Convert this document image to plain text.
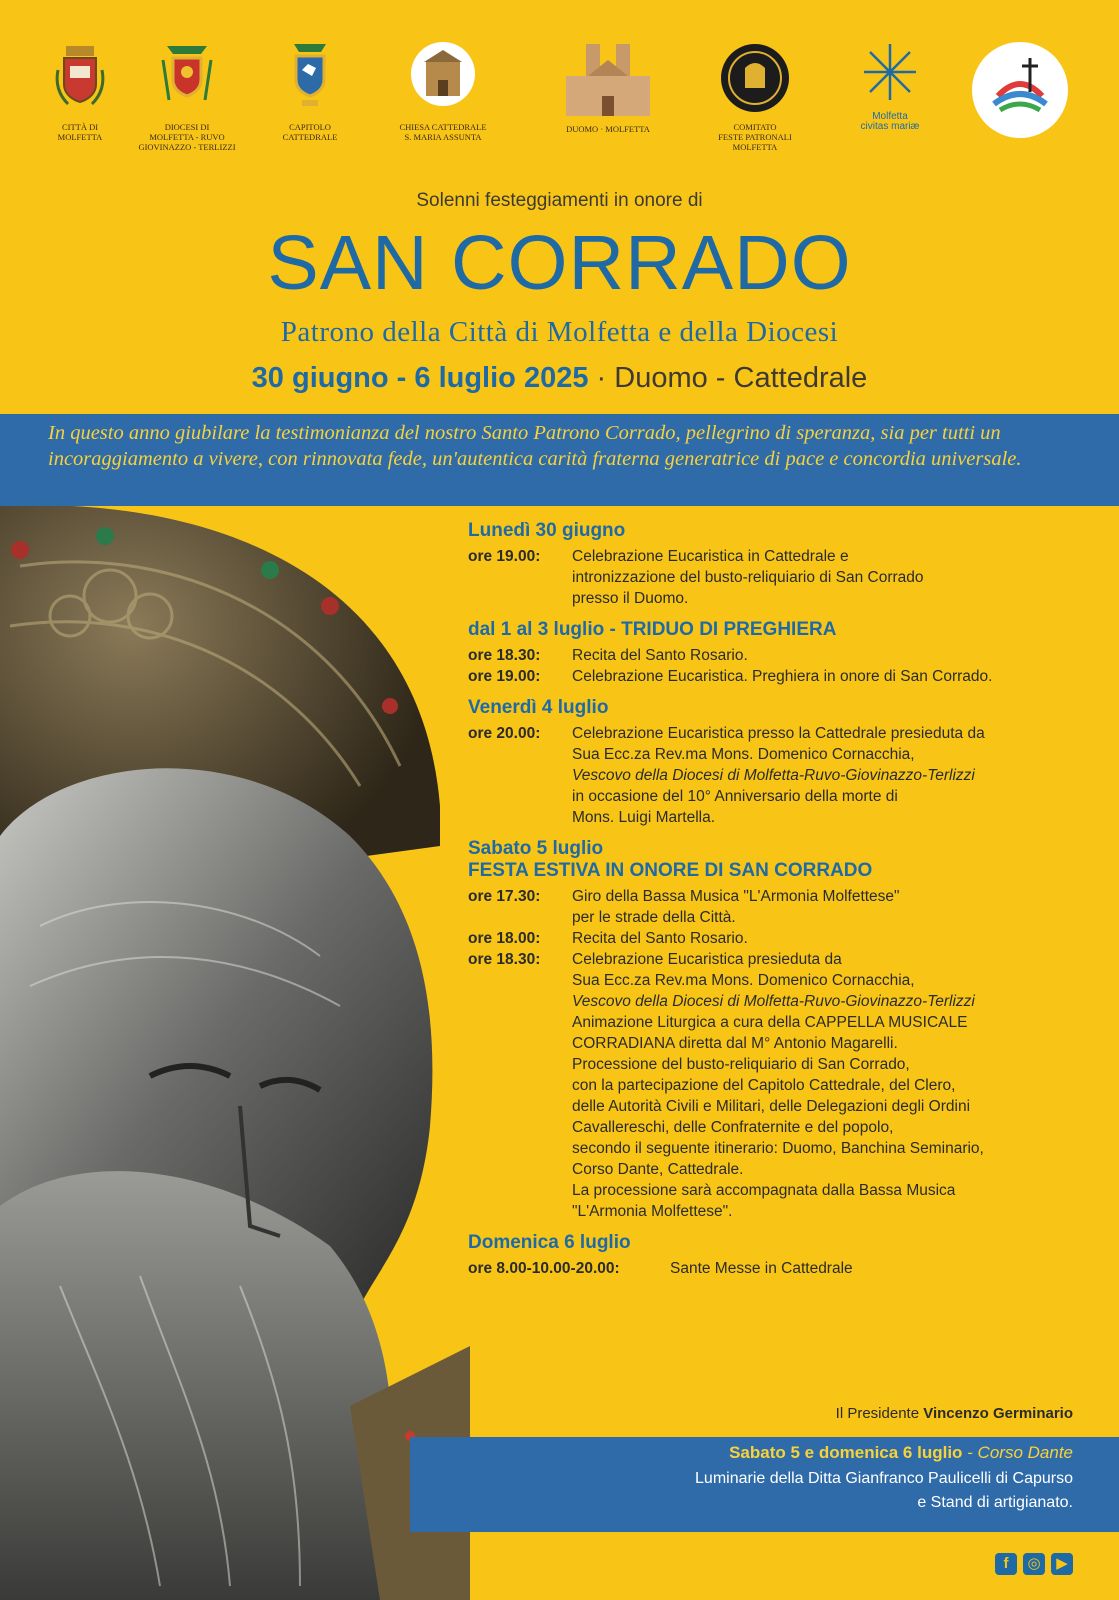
CITTÀ DI
MOLFETTA
DIOCESI DI
MOLFETTA - RUVO
GIOVINAZZO - TERLIZZI
CAPITOLO
CATTEDRALE
CHIESA CATTEDRALE
S. MARIA ASSUNTA
DUOMO · MOLFETTA	COMITATO
FESTE PATRONALI
MOLFETTA
Molfetta
civitas mariæ
Solenni festeggiamenti in onore di
SAN CORRADO
Patrono della Città di Molfetta e della Diocesi
30 giugno - 6 luglio 2025 · Duomo - Cattedrale

In questo anno giubilare la testimonianza del nostro Santo Patrono Corrado, pellegrino di speranza, sia per tutti un incoraggiamento a vivere, con rinnovata fede, un'autentica carità fraterna generatrice di pace e concordia universale.

Lunedì 30 giugno
ore 19.00:	Celebrazione Eucaristica in Cattedrale e
intronizzazione del busto-reliquiario di San Corrado
presso il Duomo.
dal 1 al 3 luglio - TRIDUO DI PREGHIERA
ore 18.30:	Recita del Santo Rosario.
ore 19.00:	Celebrazione Eucaristica. Preghiera in onore di San Corrado.
Venerdì 4 luglio
ore 20.00:	Celebrazione Eucaristica presso la Cattedrale presieduta da
Sua Ecc.za Rev.ma Mons. Domenico Cornacchia,
Vescovo della Diocesi di Molfetta-Ruvo-Giovinazzo-Terlizzi
in occasione del 10° Anniversario della morte di
Mons. Luigi Martella.
Sabato 5 luglio
FESTA ESTIVA IN ONORE DI SAN CORRADO
ore 17.30:	Giro della Bassa Musica "L'Armonia Molfettese"
per le strade della Città.
ore 18.00:	Recita del Santo Rosario.
ore 18.30:	Celebrazione Eucaristica presieduta da
Sua Ecc.za Rev.ma Mons. Domenico Cornacchia,
Vescovo della Diocesi di Molfetta-Ruvo-Giovinazzo-Terlizzi
Animazione Liturgica a cura della CAPPELLA MUSICALE
CORRADIANA diretta dal M° Antonio Magarelli.
Processione del busto-reliquiario di San Corrado,
con la partecipazione del Capitolo Cattedrale, del Clero,
delle Autorità Civili e Militari, delle Delegazioni degli Ordini
Cavallereschi, delle Confraternite e del popolo,
secondo il seguente itinerario: Duomo, Banchina Seminario,
Corso Dante, Cattedrale.
La processione sarà accompagnata dalla Bassa Musica
"L'Armonia Molfettese".
Domenica 6 luglio
ore 8.00-10.00-20.00:	Sante Messe in Cattedrale
Il Presidente Vincenzo Germinario
Sabato 5 e domenica 6 luglio - Corso Dante
Luminarie della Ditta Gianfranco Paulicelli di Capurso
e Stand di artigianato.
f	◎	▶
